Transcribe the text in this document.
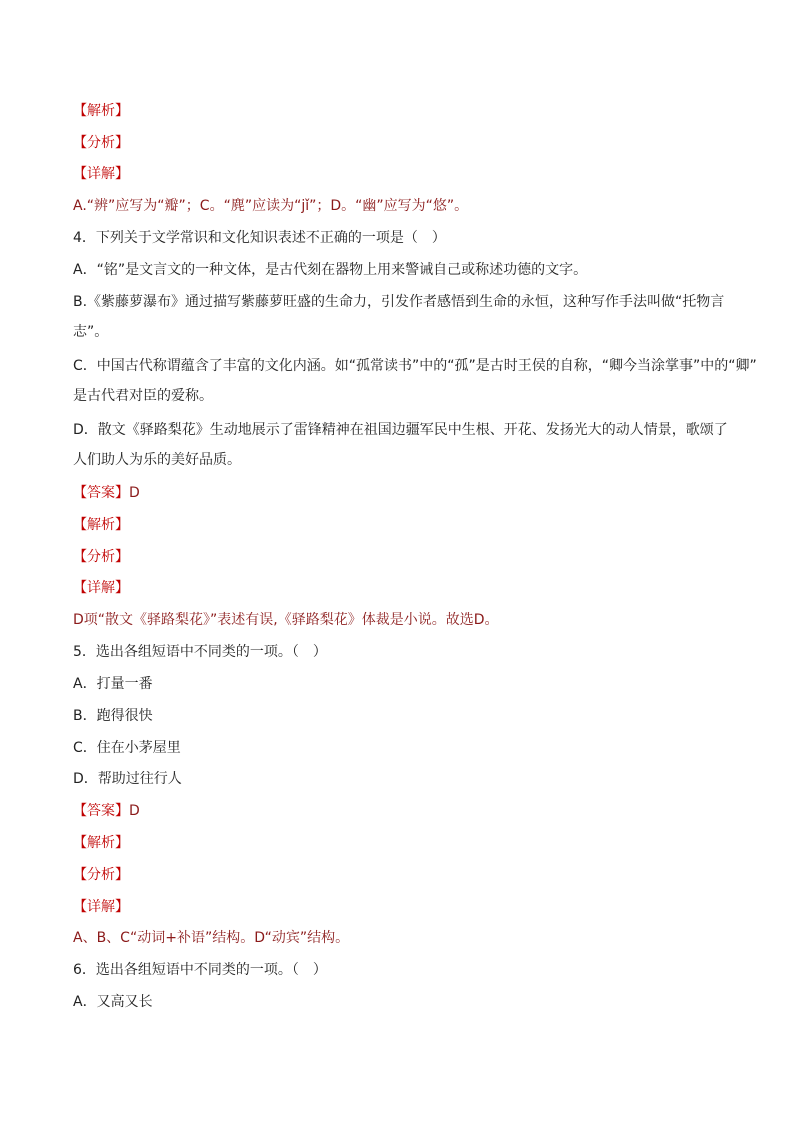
【解析】
【分析】
【详解】
A.“辨”应写为“瓣”；C。“麂”应读为“jǐ”；D。“幽”应写为“悠”。
4．下列关于文学常识和文化知识表述不正确的一项是（　）
A．“铭”是文言文的一种文体，是古代刻在器物上用来警诫自己或称述功德的文字。
B.《紫藤萝瀑布》通过描写紫藤萝旺盛的生命力，引发作者感悟到生命的永恒，这种写作手法叫做“托物言
志”。
C．中国古代称谓蕴含了丰富的文化内涵。如“孤常读书”中的“孤”是古时王侯的自称，“卿今当涂掌事”中的“卿”
是古代君对臣的爱称。
D．散文《驿路梨花》生动地展示了雷锋精神在祖国边疆军民中生根、开花、发扬光大的动人情景，歌颂了
人们助人为乐的美好品质。
【答案】D
【解析】
【分析】
【详解】
D项“散文《驿路梨花》”表述有误,《驿路梨花》体裁是小说。故选D。
5．选出各组短语中不同类的一项。（　）
A．打量一番
B．跑得很快
C．住在小茅屋里
D．帮助过往行人
【答案】D
【解析】
【分析】
【详解】
A、B、C“动词+补语”结构。D“动宾”结构。
6．选出各组短语中不同类的一项。（　）
A．又高又长
